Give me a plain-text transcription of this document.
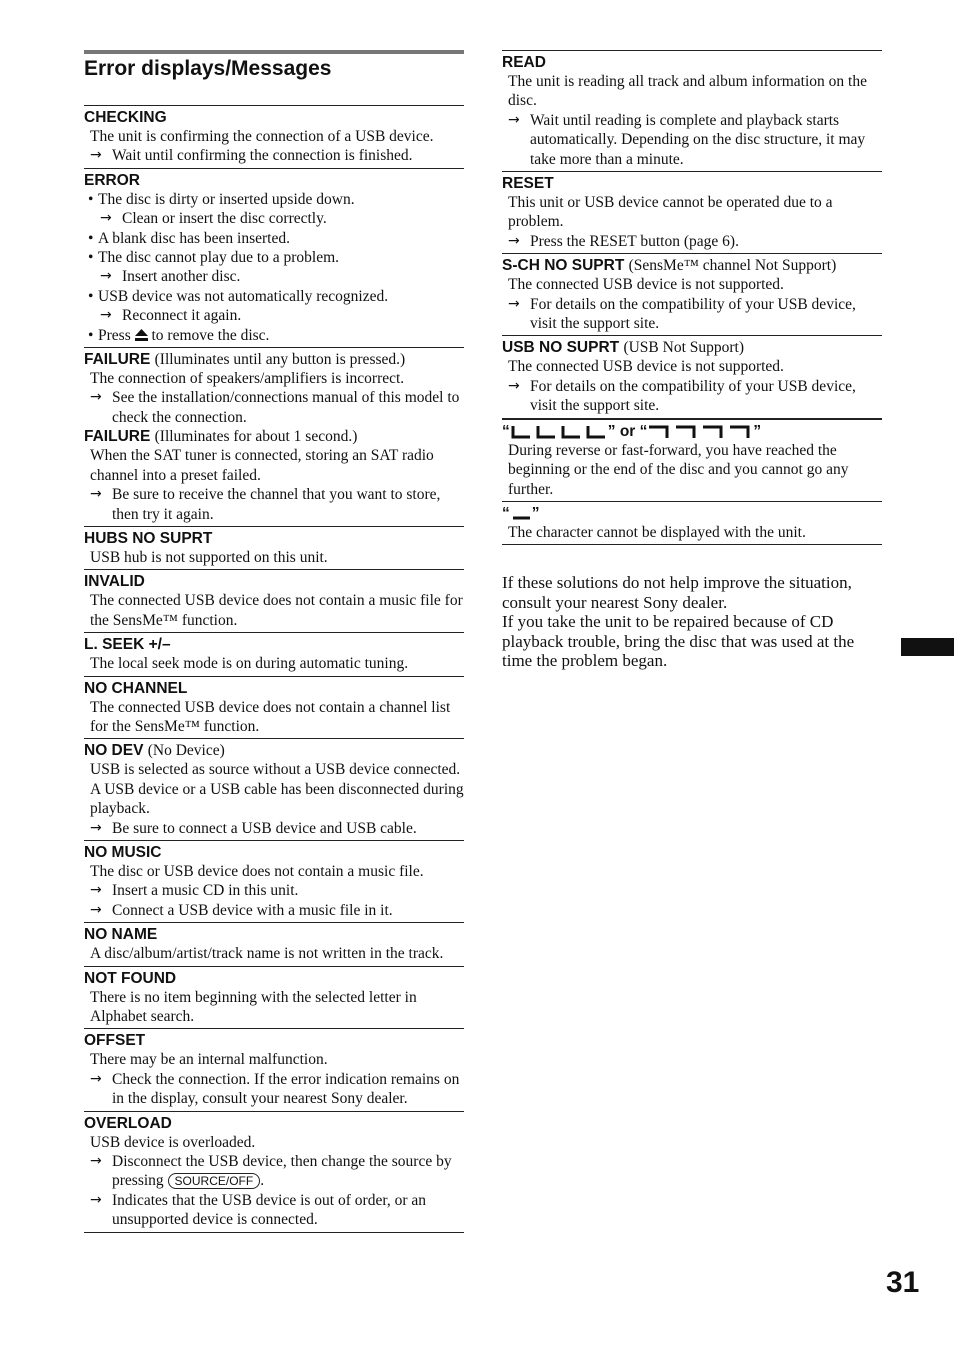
Error displays/Messages
CHECKING
The unit is confirming the connection of a USB device.
→ Wait until confirming the connection is finished.
ERROR
• The disc is dirty or inserted upside down.
→ Clean or insert the disc correctly.
• A blank disc has been inserted.
• The disc cannot play due to a problem.
→ Insert another disc.
• USB device was not automatically recognized.
→ Reconnect it again.
• Press to remove the disc.
FAILURE (Illuminates until any button is pressed.)
The connection of speakers/amplifiers is incorrect.
→ See the installation/connections manual of this model to check the connection.
FAILURE (Illuminates for about 1 second.)
When the SAT tuner is connected, storing an SAT radio channel into a preset failed.
→ Be sure to receive the channel that you want to store, then try it again.
HUBS NO SUPRT
USB hub is not supported on this unit.
INVALID
The connected USB device does not contain a music file for the SensMe™ function.
L. SEEK +/–
The local seek mode is on during automatic tuning.
NO CHANNEL
The connected USB device does not contain a channel list for the SensMe™ function.
NO DEV (No Device)
USB is selected as source without a USB device connected. A USB device or a USB cable has been disconnected during playback.
→ Be sure to connect a USB device and USB cable.
NO MUSIC
The disc or USB device does not contain a music file.
→ Insert a music CD in this unit.
→ Connect a USB device with a music file in it.
NO NAME
A disc/album/artist/track name is not written in the track.
NOT FOUND
There is no item beginning with the selected letter in Alphabet search.
OFFSET
There may be an internal malfunction.
→ Check the connection. If the error indication remains on in the display, consult your nearest Sony dealer.
OVERLOAD
USB device is overloaded.
→ Disconnect the USB device, then change the source by pressing SOURCE/OFF .
→ Indicates that the USB device is out of order, or an unsupported device is connected.
READ
The unit is reading all track and album information on the disc.
→ Wait until reading is complete and playback starts automatically. Depending on the disc structure, it may take more than a minute.
RESET
This unit or USB device cannot be operated due to a problem.
→ Press the RESET button (page 6).
S-CH NO SUPRT (SensMe™ channel Not Support)
The connected USB device is not supported.
→ For details on the compatibility of your USB device, visit the support site.
USB NO SUPRT (USB Not Support)
The connected USB device is not supported.
→ For details on the compatibility of your USB device, visit the support site.
“	” or “	”
During reverse or fast-forward, you have reached the beginning or the end of the disc and you cannot go any further.
“ ”
The character cannot be displayed with the unit.
If these solutions do not help improve the situation, consult your nearest Sony dealer.
If you take the unit to be repaired because of CD playback trouble, bring the disc that was used at the time the problem began.
31
